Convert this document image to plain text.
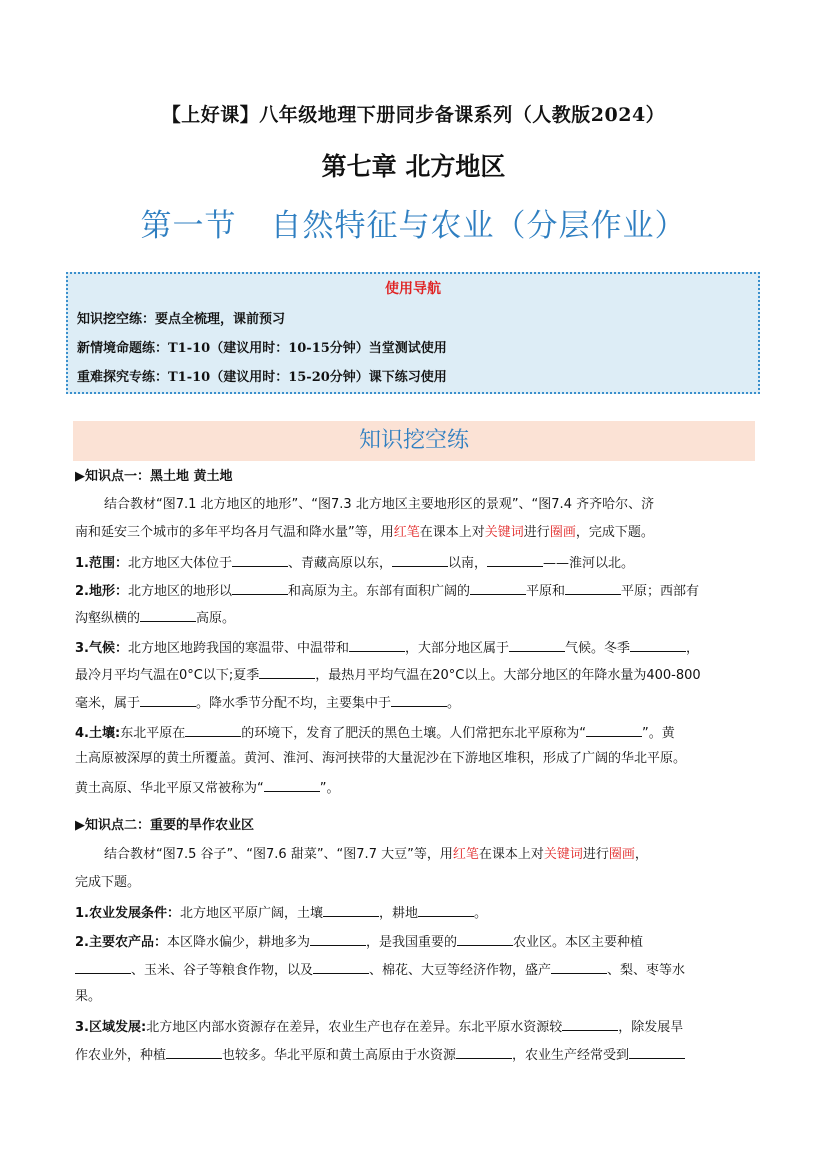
【上好课】八年级地理下册同步备课系列（人教版2024）
第七章 北方地区
第一节 自然特征与农业（分层作业）
使用导航
知识挖空练：要点全梳理，课前预习
新情境命题练：T1-10（建议用时：10-15分钟）当堂测试使用
重难探究专练：T1-10（建议用时：15-20分钟）课下练习使用
知识挖空练
▶知识点一：黑土地 黄土地
结合教材“图7.1 北方地区的地形”、“图7.3 北方地区主要地形区的景观”、“图7.4 齐齐哈尔、济
南和延安三个城市的多年平均各月气温和降水量”等，用红笔在课本上对关键词进行圈画，完成下题。
1.范围：北方地区大体位于	、青藏高原以东，	以南，	——淮河以北。
2.地形：北方地区的地形以	和高原为主。东部有面积广阔的	平原和	平原；西部有
沟壑纵横的	高原。
3.气候：北方地区地跨我国的寒温带、中温带和	，大部分地区属于	气候。冬季	，
最冷月平均气温在0°C以下;夏季	，最热月平均气温在20°C以上。大部分地区的年降水量为400-800
毫米，属于	。降水季节分配不均，主要集中于	。
4.土壤:东北平原在	的环境下，发育了肥沃的黑色土壤。人们常把东北平原称为“	”。黄
土高原被深厚的黄土所覆盖。黄河、淮河、海河挟带的大量泥沙在下游地区堆积，形成了广阔的华北平原。
黄土高原、华北平原又常被称为“	”。
▶知识点二：重要的旱作农业区
结合教材“图7.5 谷子”、“图7.6 甜菜”、“图7.7 大豆”等，用红笔在课本上对关键词进行圈画，
完成下题。
1.农业发展条件：北方地区平原广阔，土壤	，耕地	。
2.主要农产品：本区降水偏少，耕地多为	，是我国重要的	农业区。本区主要种植
、玉米、谷子等粮食作物，以及	、棉花、大豆等经济作物，盛产	、梨、枣等水
果。
3.区域发展:北方地区内部水资源存在差异，农业生产也存在差异。东北平原水资源较	，除发展旱
作农业外，种植	也较多。华北平原和黄土高原由于水资源	，农业生产经常受到
